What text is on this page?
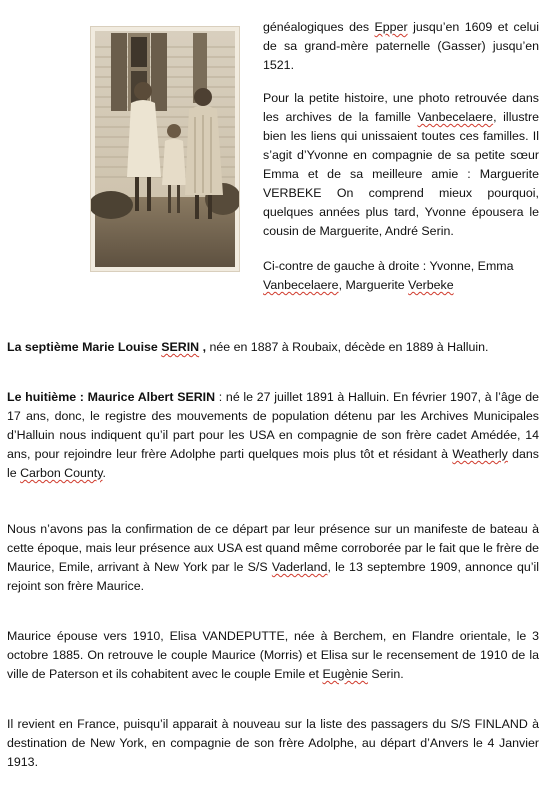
généalogiques des Epper jusqu’en 1609 et celui de sa grand-mère paternelle (Gasser) jusqu’en 1521.

Pour la petite histoire, une photo retrouvée dans les archives de la famille Vanbecelaere, illustre bien les liens qui unissaient toutes ces familles. Il s’agit d’Yvonne en compagnie de sa petite sœur Emma et de sa meilleure amie : Marguerite VERBEKE On comprend mieux pourquoi, quelques années plus tard, Yvonne épousera le cousin de Marguerite, André Serin.

Ci-contre de gauche à droite : Yvonne, Emma Vanbecelaere, Marguerite Verbeke

La septième Marie Louise SERIN , née en 1887 à Roubaix, décède en 1889 à Halluin.

Le huitième : Maurice Albert SERIN : né le 27 juillet 1891 à Halluin. En février 1907, à l’âge de 17 ans, donc, le registre des mouvements de population détenu par les Archives Municipales d’Halluin nous indiquent qu’il part pour les USA en compagnie de son frère cadet Amédée, 14 ans, pour rejoindre leur frère Adolphe parti quelques mois plus tôt et résidant à Weatherly dans le Carbon County.

Nous n’avons pas la confirmation de ce départ par leur présence sur un manifeste de bateau à cette époque, mais leur présence aux USA est quand même corroborée par le fait que le frère de Maurice, Emile, arrivant à New York par le S/S Vaderland, le 13 septembre 1909, annonce qu’il rejoint son frère Maurice.

Maurice épouse vers 1910, Elisa VANDEPUTTE, née à Berchem, en Flandre orientale, le 3 octobre 1885. On retrouve le couple Maurice (Morris) et Elisa sur le recensement de 1910 de la ville de Paterson et ils cohabitent avec le couple Emile et Eugènie Serin.

Il revient en France, puisqu’il apparait à nouveau sur la liste des passagers du S/S FINLAND à destination de New York, en compagnie de son frère Adolphe, au départ d’Anvers le 4 Janvier 1913.
